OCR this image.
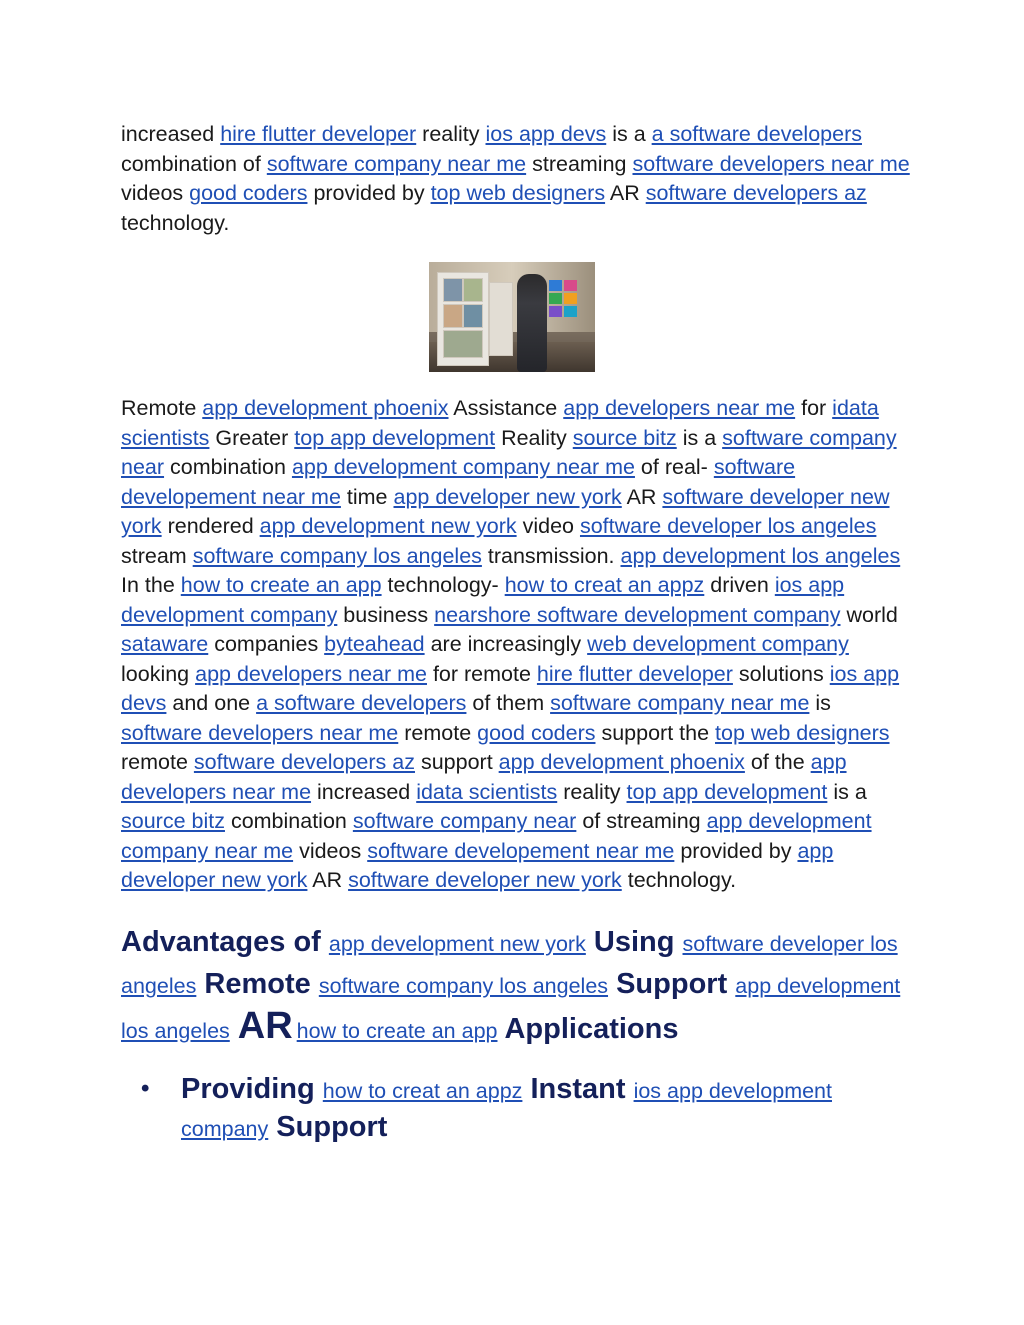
increased hire flutter developer reality ios app devs is a a software developers combination of software company near me streaming software developers near me videos good coders provided by top web designers AR software developers az technology.

Remote app development phoenix Assistance app developers near me for idata scientists Greater top app development Reality source bitz is a software company near combination app development company near me of real- software developement near me time app developer new york AR software developer new york rendered app development new york video software developer los angeles stream software company los angeles transmission. app development los angeles In the how to create an app technology- how to creat an appz driven ios app development company business nearshore software development company world sataware companies byteahead are increasingly web development company looking app developers near me for remote hire flutter developer solutions ios app devs and one a software developers of them software company near me is software developers near me remote good coders support the top web designers remote software developers az support app development phoenix of the app developers near me increased idata scientists reality top app development is a source bitz combination software company near of streaming app development company near me videos software developement near me provided by app developer new york AR software developer new york technology.

Advantages of app development new york Using software developer los angeles Remote software company los angeles Support app development los angeles AR how to create an app Applications
• Providing how to creat an appz Instant ios app development company Support
